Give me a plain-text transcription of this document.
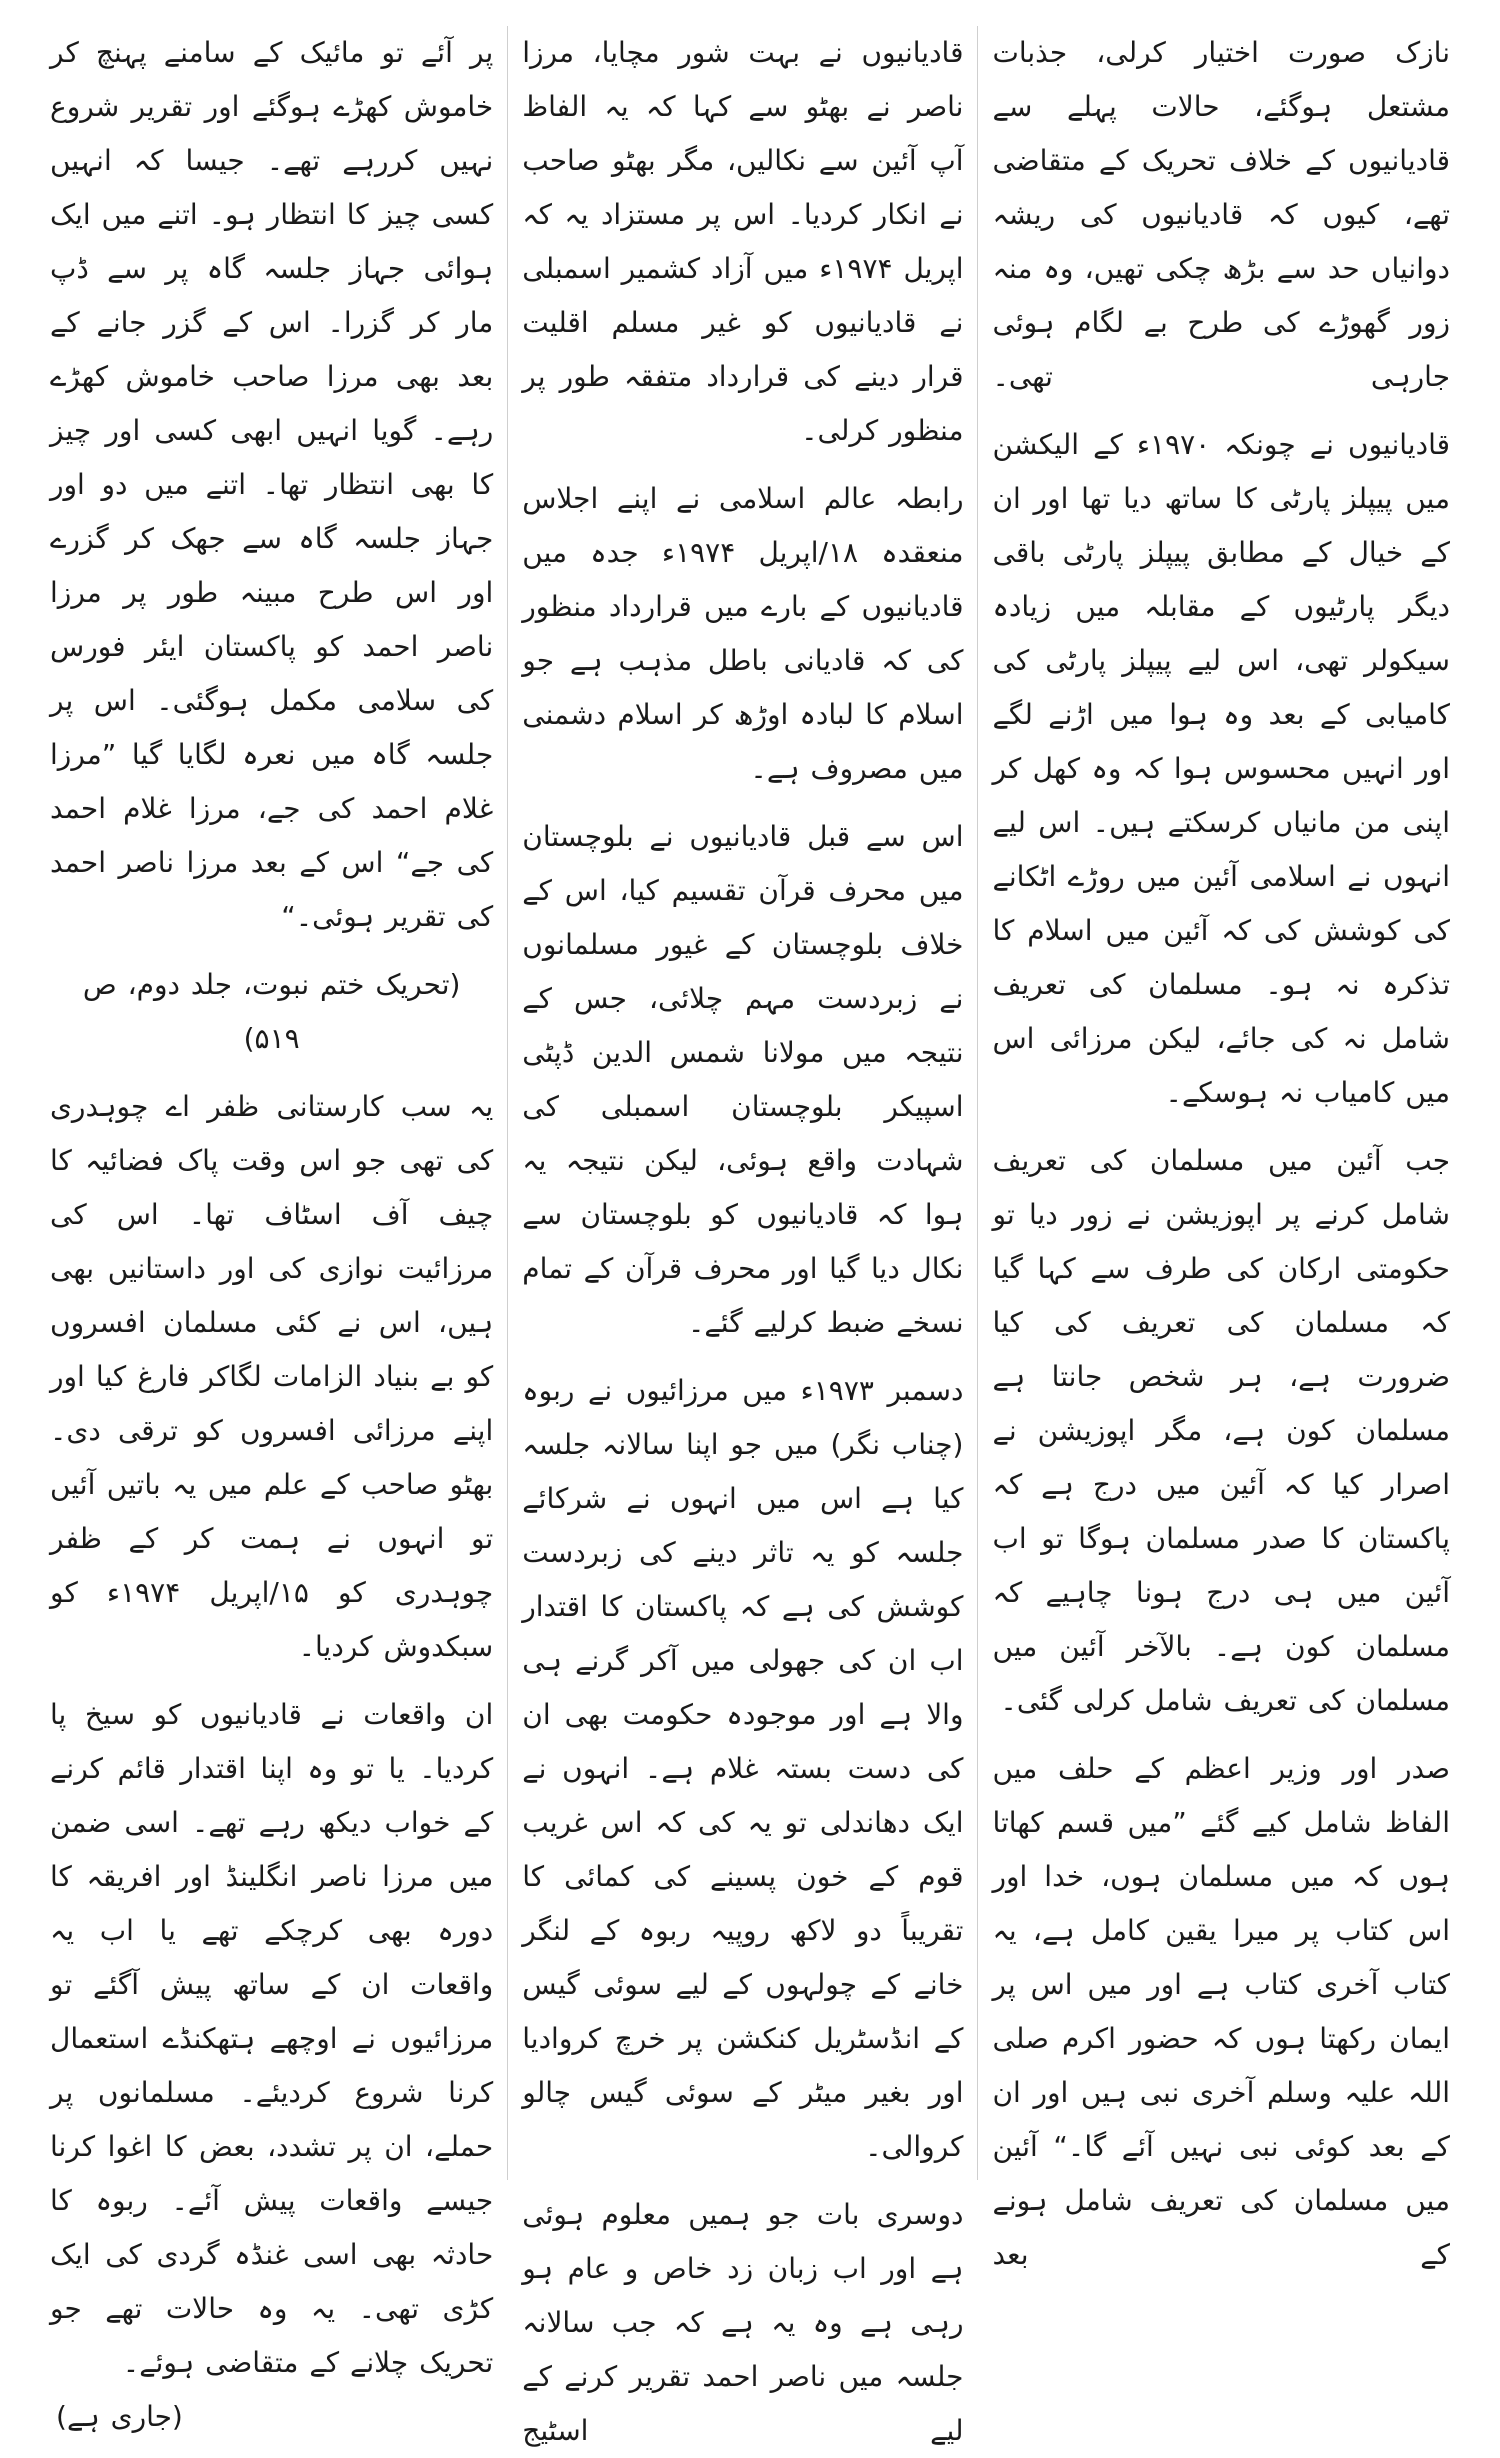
نازک صورت اختیار کرلی، جذبات مشتعل ہوگئے، حالات پہلے سے قادیانیوں کے خلاف تحریک کے متقاضی تھے، کیوں کہ قادیانیوں کی ریشہ دوانیاں حد سے بڑھ چکی تھیں، وہ منہ زور گھوڑے کی طرح بے لگام ہوئی جارہی تھی۔

قادیانیوں نے چونکہ ۱۹۷۰ء کے الیکشن میں پیپلز پارٹی کا ساتھ دیا تھا اور ان کے خیال کے مطابق پیپلز پارٹی باقی دیگر پارٹیوں کے مقابلہ میں زیادہ سیکولر تھی، اس لیے پیپلز پارٹی کی کامیابی کے بعد وہ ہوا میں اڑنے لگے اور انہیں محسوس ہوا کہ وہ کھل کر اپنی من مانیاں کرسکتے ہیں۔ اس لیے انہوں نے اسلامی آئین میں روڑے اٹکانے کی کوشش کی کہ آئین میں اسلام کا تذکرہ نہ ہو۔ مسلمان کی تعریف شامل نہ کی جائے، لیکن مرزائی اس میں کامیاب نہ ہوسکے۔

جب آئین میں مسلمان کی تعریف شامل کرنے پر اپوزیشن نے زور دیا تو حکومتی ارکان کی طرف سے کہا گیا کہ مسلمان کی تعریف کی کیا ضرورت ہے، ہر شخص جانتا ہے مسلمان کون ہے، مگر اپوزیشن نے اصرار کیا کہ آئین میں درج ہے کہ پاکستان کا صدر مسلمان ہوگا تو اب آئین میں ہی درج ہونا چاہیے کہ مسلمان کون ہے۔ بالآخر آئین میں مسلمان کی تعریف شامل کرلی گئی۔

صدر اور وزیر اعظم کے حلف میں الفاظ شامل کیے گئے ”میں قسم کھاتا ہوں کہ میں مسلمان ہوں، خدا اور اس کتاب پر میرا یقین کامل ہے، یہ کتاب آخری کتاب ہے اور میں اس پر ایمان رکھتا ہوں کہ حضور اکرم صلی اللہ علیہ وسلم آخری نبی ہیں اور ان کے بعد کوئی نبی نہیں آئے گا۔“ آئین میں مسلمان کی تعریف شامل ہونے کے بعد

قادیانیوں نے بہت شور مچایا، مرزا ناصر نے بھٹو سے کہا کہ یہ الفاظ آپ آئین سے نکالیں، مگر بھٹو صاحب نے انکار کردیا۔ اس پر مستزاد یہ کہ اپریل ۱۹۷۴ء میں آزاد کشمیر اسمبلی نے قادیانیوں کو غیر مسلم اقلیت قرار دینے کی قرارداد متفقہ طور پر منظور کرلی۔

رابطہ عالم اسلامی نے اپنے اجلاس منعقدہ ۱۸/اپریل ۱۹۷۴ء جدہ میں قادیانیوں کے بارے میں قرارداد منظور کی کہ قادیانی باطل مذہب ہے جو اسلام کا لبادہ اوڑھ کر اسلام دشمنی میں مصروف ہے۔

اس سے قبل قادیانیوں نے بلوچستان میں محرف قرآن تقسیم کیا، اس کے خلاف بلوچستان کے غیور مسلمانوں نے زبردست مہم چلائی، جس کے نتیجہ میں مولانا شمس الدین ڈپٹی اسپیکر بلوچستان اسمبلی کی شہادت واقع ہوئی، لیکن نتیجہ یہ ہوا کہ قادیانیوں کو بلوچستان سے نکال دیا گیا اور محرف قرآن کے تمام نسخے ضبط کرلیے گئے۔

دسمبر ۱۹۷۳ء میں مرزائیوں نے ربوہ (چناب نگر) میں جو اپنا سالانہ جلسہ کیا ہے اس میں انہوں نے شرکائے جلسہ کو یہ تاثر دینے کی زبردست کوشش کی ہے کہ پاکستان کا اقتدار اب ان کی جھولی میں آکر گرنے ہی والا ہے اور موجودہ حکومت بھی ان کی دست بستہ غلام ہے۔ انہوں نے ایک دھاندلی تو یہ کی کہ اس غریب قوم کے خون پسینے کی کمائی کا تقریباً دو لاکھ روپیہ ربوہ کے لنگر خانے کے چولہوں کے لیے سوئی گیس کے انڈسٹریل کنکشن پر خرچ کروادیا اور بغیر میٹر کے سوئی گیس چالو کروالی۔

دوسری بات جو ہمیں معلوم ہوئی ہے اور اب زبان زد خاص و عام ہو رہی ہے وہ یہ ہے کہ جب سالانہ جلسہ میں ناصر احمد تقریر کرنے کے لیے اسٹیج

پر آئے تو مائیک کے سامنے پہنچ کر خاموش کھڑے ہوگئے اور تقریر شروع نہیں کررہے تھے۔ جیسا کہ انہیں کسی چیز کا انتظار ہو۔ اتنے میں ایک ہوائی جہاز جلسہ گاہ پر سے ڈپ مار کر گزرا۔ اس کے گزر جانے کے بعد بھی مرزا صاحب خاموش کھڑے رہے۔ گویا انہیں ابھی کسی اور چیز کا بھی انتظار تھا۔ اتنے میں دو اور جہاز جلسہ گاہ سے جھک کر گزرے اور اس طرح مبینہ طور پر مرزا ناصر احمد کو پاکستان ایئر فورس کی سلامی مکمل ہوگئی۔ اس پر جلسہ گاہ میں نعرہ لگایا گیا ”مرزا غلام احمد کی جے، مرزا غلام احمد کی جے“ اس کے بعد مرزا ناصر احمد کی تقریر ہوئی۔“

(تحریک ختم نبوت، جلد دوم، ص ۵۱۹)

یہ سب کارستانی ظفر اے چوہدری کی تھی جو اس وقت پاک فضائیہ کا چیف آف اسٹاف تھا۔ اس کی مرزائیت نوازی کی اور داستانیں بھی ہیں، اس نے کئی مسلمان افسروں کو بے بنیاد الزامات لگاکر فارغ کیا اور اپنے مرزائی افسروں کو ترقی دی۔ بھٹو صاحب کے علم میں یہ باتیں آئیں تو انہوں نے ہمت کر کے ظفر چوہدری کو ۱۵/اپریل ۱۹۷۴ء کو سبکدوش کردیا۔

ان واقعات نے قادیانیوں کو سیخ پا کردیا۔ یا تو وہ اپنا اقتدار قائم کرنے کے خواب دیکھ رہے تھے۔ اسی ضمن میں مرزا ناصر انگلینڈ اور افریقہ کا دورہ بھی کرچکے تھے یا اب یہ واقعات ان کے ساتھ پیش آگئے تو مرزائیوں نے اوچھے ہتھکنڈے استعمال کرنا شروع کردیئے۔ مسلمانوں پر حملے، ان پر تشدد، بعض کا اغوا کرنا جیسے واقعات پیش آئے۔ ربوہ کا حادثہ بھی اسی غنڈہ گردی کی ایک کڑی تھی۔ یہ وہ حالات تھے جو تحریک چلانے کے متقاضی ہوئے۔
(جاری ہے)
